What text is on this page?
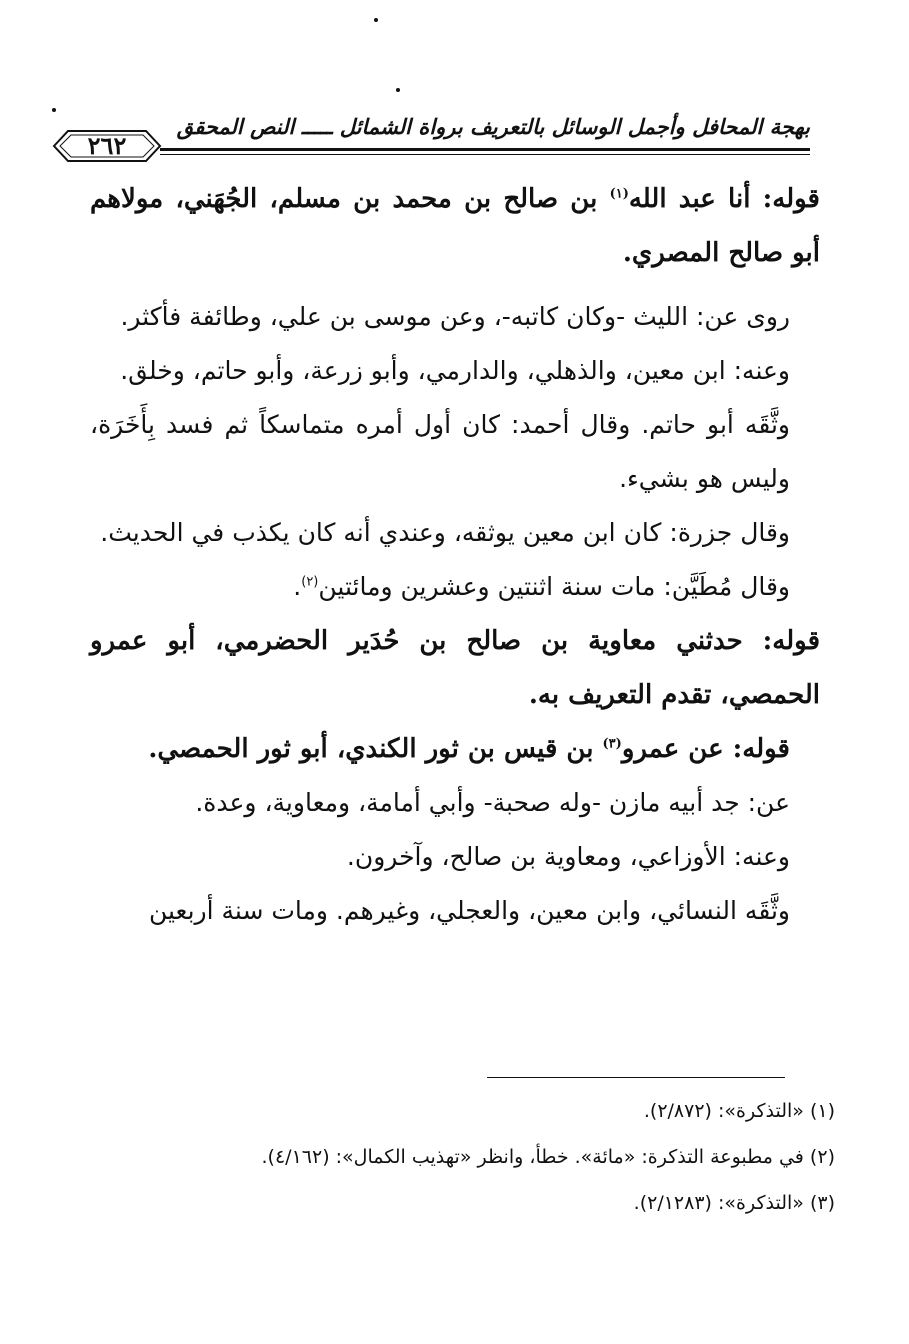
بهجة المحافل وأجمل الوسائل بالتعريف برواة الشمائل ـــــ النص المحقق
٢٦٢

قوله: أنا عبد الله$^{(١)}$ بن صالح بن محمد بن مسلم، الجُهَني، مولاهم أبو صالح المصري.

روى عن: الليث -وكان كاتبه-، وعن موسى بن علي، وطائفة فأكثر.

وعنه: ابن معين، والذهلي، والدارمي، وأبو زرعة، وأبو حاتم، وخلق.

وثَّقَه أبو حاتم. وقال أحمد: كان أول أمره متماسكاً ثم فسد بِأَخَرَة، وليس هو بشيء.

وقال جزرة: كان ابن معين يوثقه، وعندي أنه كان يكذب في الحديث.

وقال مُطَيَّن: مات سنة اثنتين وعشرين ومائتين$^{(٢)}$.

قوله: حدثني معاوية بن صالح بن حُدَير الحضرمي، أبو عمرو الحمصي، تقدم التعريف به.

قوله: عن عمرو$^{(٣)}$ بن قيس بن ثور الكندي، أبو ثور الحمصي.

عن: جد أبيه مازن -وله صحبة- وأبي أمامة، ومعاوية، وعدة.

وعنه: الأوزاعي، ومعاوية بن صالح، وآخرون.

وثَّقَه النسائي، وابن معين، والعجلي، وغيرهم. ومات سنة أربعين

(١) «التذكرة»: (٢/٨٧٢).

(٢) في مطبوعة التذكرة: «مائة». خطأ، وانظر «تهذيب الكمال»: (٤/١٦٢).

(٣) «التذكرة»: (٢/١٢٨٣).
